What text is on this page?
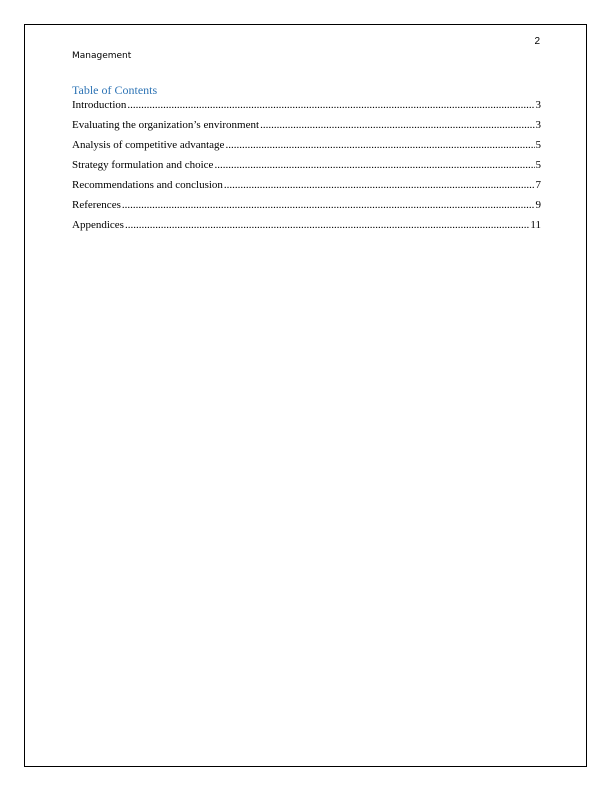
2
Management
Table of Contents
Introduction .....	3
Evaluating the organization’s environment .....	3
Analysis of competitive advantage .....	5
Strategy formulation and choice .....	5
Recommendations and conclusion .....	7
References .....	9
Appendices .....	11
